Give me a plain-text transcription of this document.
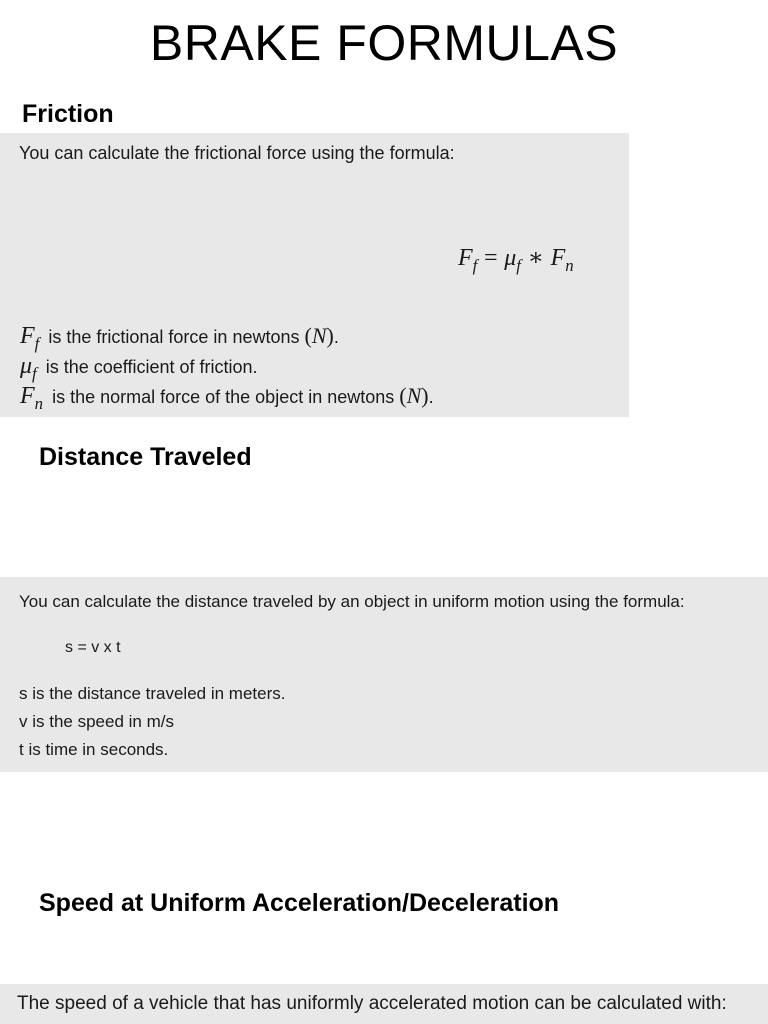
BRAKE FORMULAS
Friction
You can calculate the frictional force using the formula:
$F_f = \mu_f$ ∗ $F_n$
$F_f$ is the frictional force in newtons (N).
$\mu_f$ is the coefficient of friction.
$F_n$ is the normal force of the object in newtons (N).
Distance Traveled
You can calculate the distance traveled by an object in uniform motion using the formula:
s = v x t
s is the distance traveled in meters.
v is the speed in m/s
t is time in seconds.
Speed at Uniform Acceleration/Deceleration
The speed of a vehicle that has uniformly accelerated motion can be calculated with:
